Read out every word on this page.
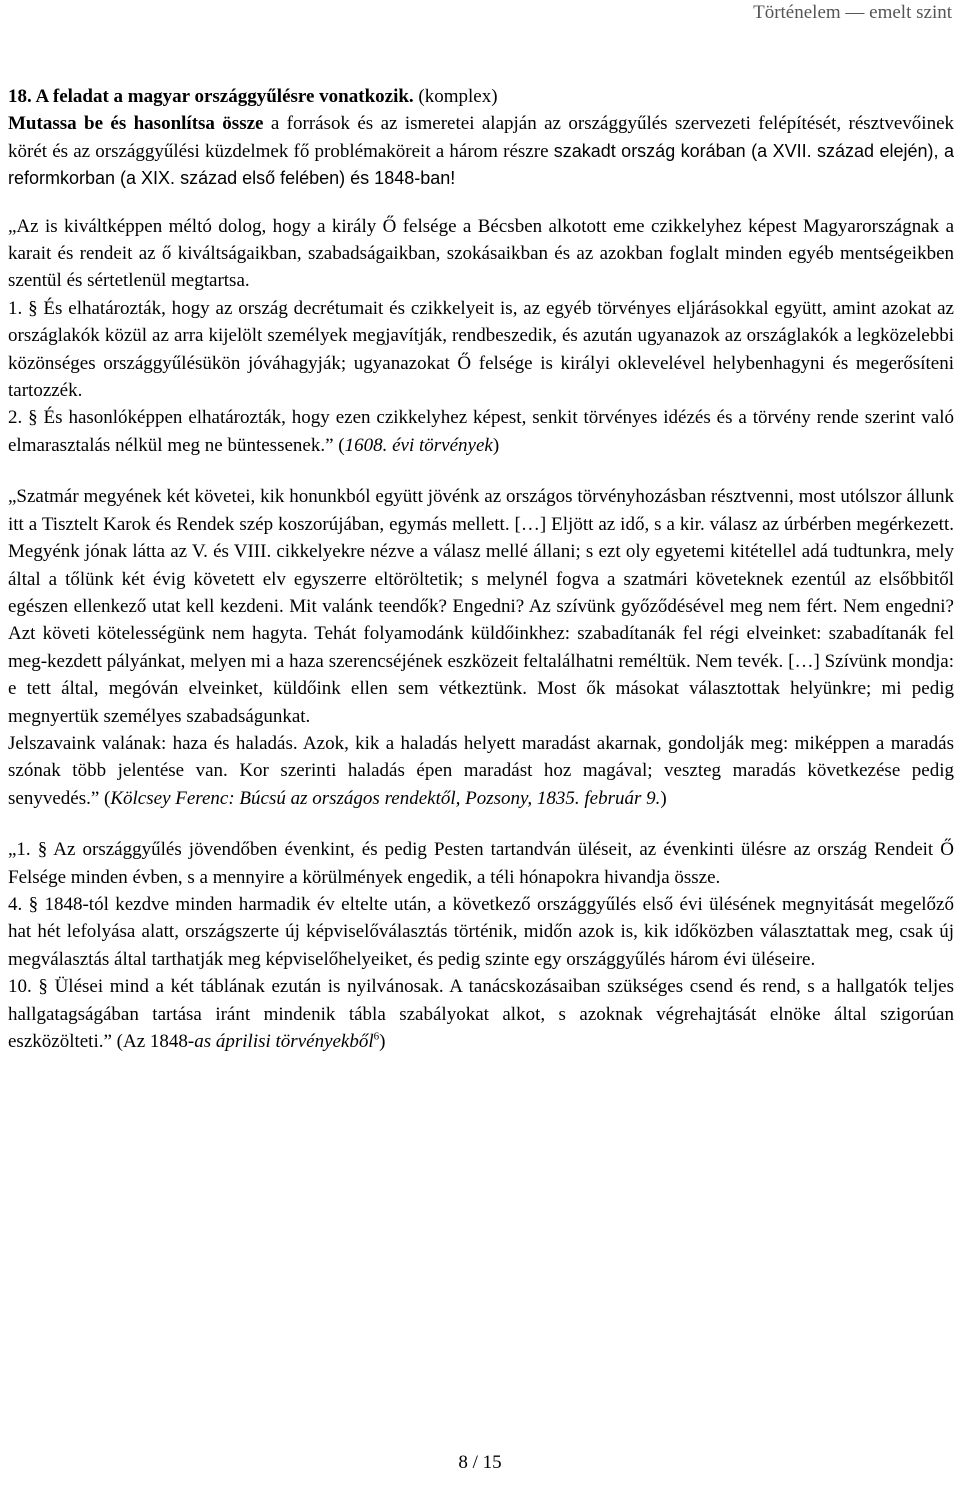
Történelem — emelt szint

18. A feladat a magyar országgyűlésre vonatkozik. (komplex)

Mutassa be és hasonlítsa össze a források és az ismeretei alapján az országgyűlés szervezeti felépítését, résztvevőinek körét és az országgyűlési küzdelmek fő problémaköreit a három részre szakadt ország korában (a XVII. század elején), a reformkorban (a XIX. század első felében) és 1848-ban!

„Az is kiváltképpen méltó dolog, hogy a király Ő felsége a Bécsben alkotott eme czikkelyhez képest Magyarországnak a karait és rendeit az ő kiváltságaikban, szabadságaikban, szokásaikban és az azokban foglalt minden egyéb mentségeikben szentül és sértetlenül megtartsa.

1. § És elhatározták, hogy az ország decrétumait és czikkelyeit is, az egyéb törvényes eljárásokkal együtt, amint azokat az országlakók közül az arra kijelölt személyek megjavítják, rendbeszedik, és azután ugyanazok az országlakók a legközelebbi közönséges országgyűlésükön jóváhagyják; ugyanazokat Ő felsége is királyi oklevelével helybenhagyni és megerősíteni tartozzék.

2. § És hasonlóképpen elhatározták, hogy ezen czikkelyhez képest, senkit törvényes idézés és a törvény rende szerint való elmarasztalás nélkül meg ne büntessenek.” (1608. évi törvények)

„Szatmár megyének két követei, kik honunkból együtt jövénk az országos törvényhozásban résztvenni, most utólszor állunk itt a Tisztelt Karok és Rendek szép koszorújában, egymás mellett. […] Eljött az idő, s a kir. válasz az úrbérben megérkezett. Megyénk jónak látta az V. és VIII. cikkelyekre nézve a válasz mellé állani; s ezt oly egyetemi kitétellel adá tudtunkra, mely által a tőlünk két évig követett elv egyszerre eltöröltetik; s melynél fogva a szatmári követeknek ezentúl az elsőbbitől egészen ellenkező utat kell kezdeni. Mit valánk teendők? Engedni? Az szívünk győződésével meg nem fért. Nem engedni? Azt követi kötelességünk nem hagyta. Tehát folyamodánk küldőinkhez: szabadítanák fel régi elveinket: szabadítanák fel meg-kezdett pályánkat, melyen mi a haza szerencséjének eszközeit feltalálhatni reméltük. Nem tevék. […] Szívünk mondja: e tett által, megóván elveinket, küldőink ellen sem vétkeztünk. Most ők másokat választottak helyünkre; mi pedig megnyertük személyes szabadságunkat.

Jelszavaink valának: haza és haladás. Azok, kik a haladás helyett maradást akarnak, gondolják meg: miképpen a maradás szónak több jelentése van. Kor szerinti haladás épen maradást hoz magával; veszteg maradás következése pedig senyvedés.” (Kölcsey Ferenc: Búcsú az országos rendektől, Pozsony, 1835. február 9.)

„1. § Az országgyűlés jövendőben évenkint, és pedig Pesten tartandván üléseit, az évenkinti ülésre az ország Rendeit Ő Felsége minden évben, s a mennyire a körülmények engedik, a téli hónapokra hivandja össze.

4. § 1848-tól kezdve minden harmadik év eltelte után, a következő országgyűlés első évi ülésének megnyitását megelőző hat hét lefolyása alatt, országszerte új képviselőválasztás történik, midőn azok is, kik időközben választattak meg, csak új megválasztás által tarthatják meg képviselőhelyeiket, és pedig szinte egy országgyűlés három évi üléseire.

10. § Ülései mind a két táblának ezután is nyilvánosak. A tanácskozásaiban szükséges csend és rend, s a hallgatók teljes hallgatagságában tartása iránt mindenik tábla szabályokat alkot, s azoknak végrehajtását elnöke által szigorúan eszközölteti.” (Az 1848-as áprilisi törvényekből$^6$)

8 / 15
